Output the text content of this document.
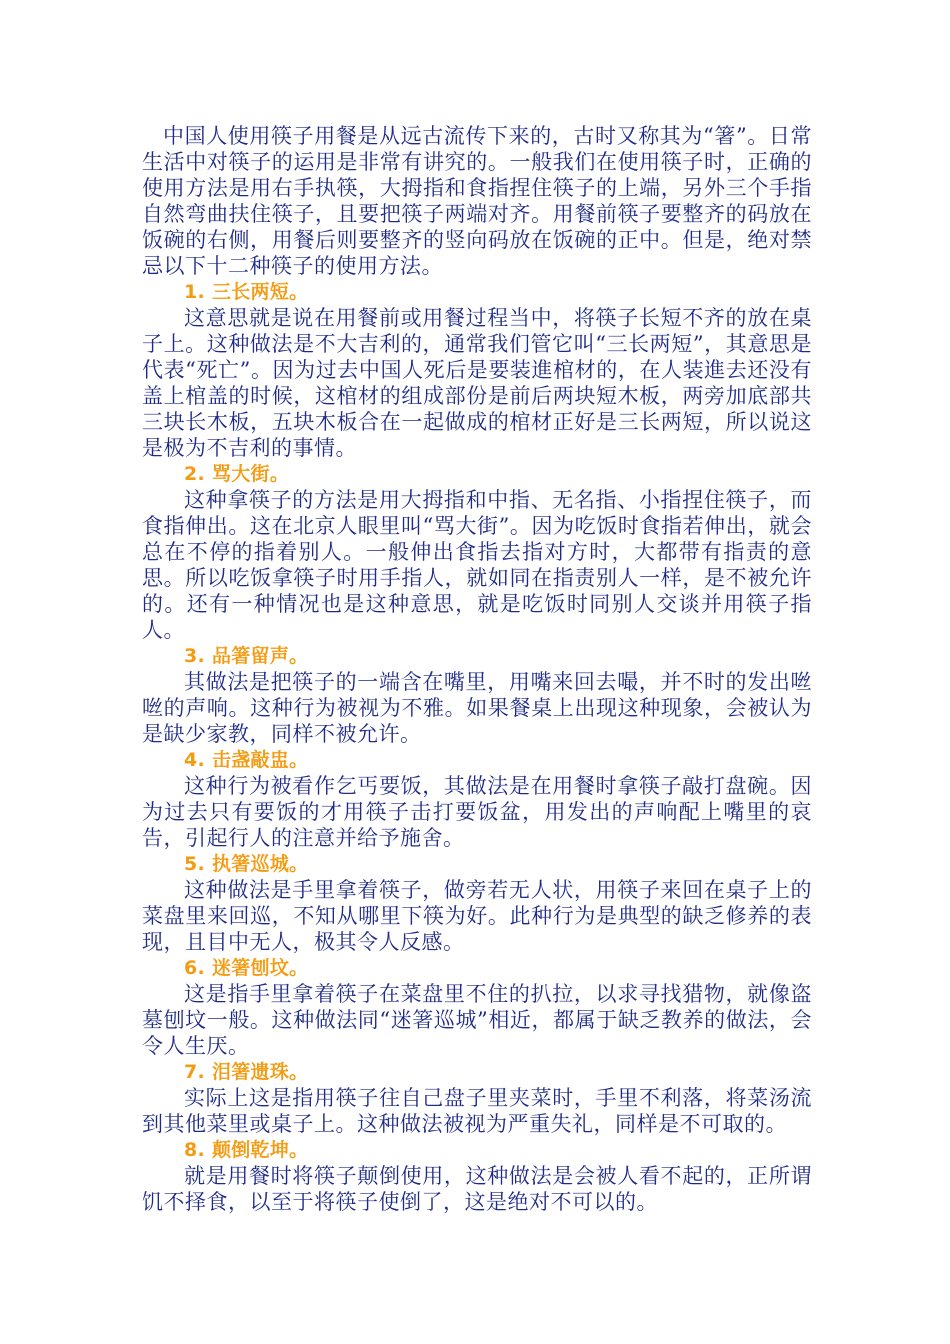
中国人使用筷子用餐是从远古流传下来的，古时又称其为“箸”。日常生活中对筷子的运用是非常有讲究的。一般我们在使用筷子时，正确的使用方法是用右手执筷，大拇指和食指捏住筷子的上端，另外三个手指自然弯曲扶住筷子，且要把筷子两端对齐。用餐前筷子要整齐的码放在饭碗的右侧，用餐后则要整齐的竖向码放在饭碗的正中。但是，绝对禁忌以下十二种筷子的使用方法。

1. 三长两短。

这意思就是说在用餐前或用餐过程当中，将筷子长短不齐的放在桌子上。这种做法是不大吉利的，通常我们管它叫“三长两短”，其意思是代表“死亡”。因为过去中国人死后是要装進棺材的，在人装進去还没有盖上棺盖的时候，这棺材的组成部份是前后两块短木板，两旁加底部共三块长木板，五块木板合在一起做成的棺材正好是三长两短，所以说这是极为不吉利的事情。

2. 骂大街。

这种拿筷子的方法是用大拇指和中指、无名指、小指捏住筷子，而食指伸出。这在北京人眼里叫“骂大街”。因为吃饭时食指若伸出，就会总在不停的指着别人。一般伸出食指去指对方时，大都带有指责的意思。所以吃饭拿筷子时用手指人，就如同在指责别人一样，是不被允许的。还有一种情况也是这种意思，就是吃饭时同别人交谈并用筷子指人。

3. 品箸留声。

其做法是把筷子的一端含在嘴里，用嘴来回去嘬，并不时的发出咝咝的声响。这种行为被视为不雅。如果餐桌上出现这种现象，会被认为是缺少家教，同样不被允许。

4. 击盏敲盅。

这种行为被看作乞丐要饭，其做法是在用餐时拿筷子敲打盘碗。因为过去只有要饭的才用筷子击打要饭盆，用发出的声响配上嘴里的哀告，引起行人的注意并给予施舍。

5. 执箸巡城。

这种做法是手里拿着筷子，做旁若无人状，用筷子来回在桌子上的菜盘里来回巡，不知从哪里下筷为好。此种行为是典型的缺乏修养的表现，且目中无人，极其令人反感。

6. 迷箸刨坟。

这是指手里拿着筷子在菜盘里不住的扒拉，以求寻找猎物，就像盗墓刨坟一般。这种做法同“迷箸巡城”相近，都属于缺乏教养的做法，会令人生厌。

7. 泪箸遗珠。

实际上这是指用筷子往自己盘子里夹菜时，手里不利落，将菜汤流到其他菜里或桌子上。这种做法被视为严重失礼，同样是不可取的。

8. 颠倒乾坤。

就是用餐时将筷子颠倒使用，这种做法是会被人看不起的，正所谓饥不择食，以至于将筷子使倒了，这是绝对不可以的。
